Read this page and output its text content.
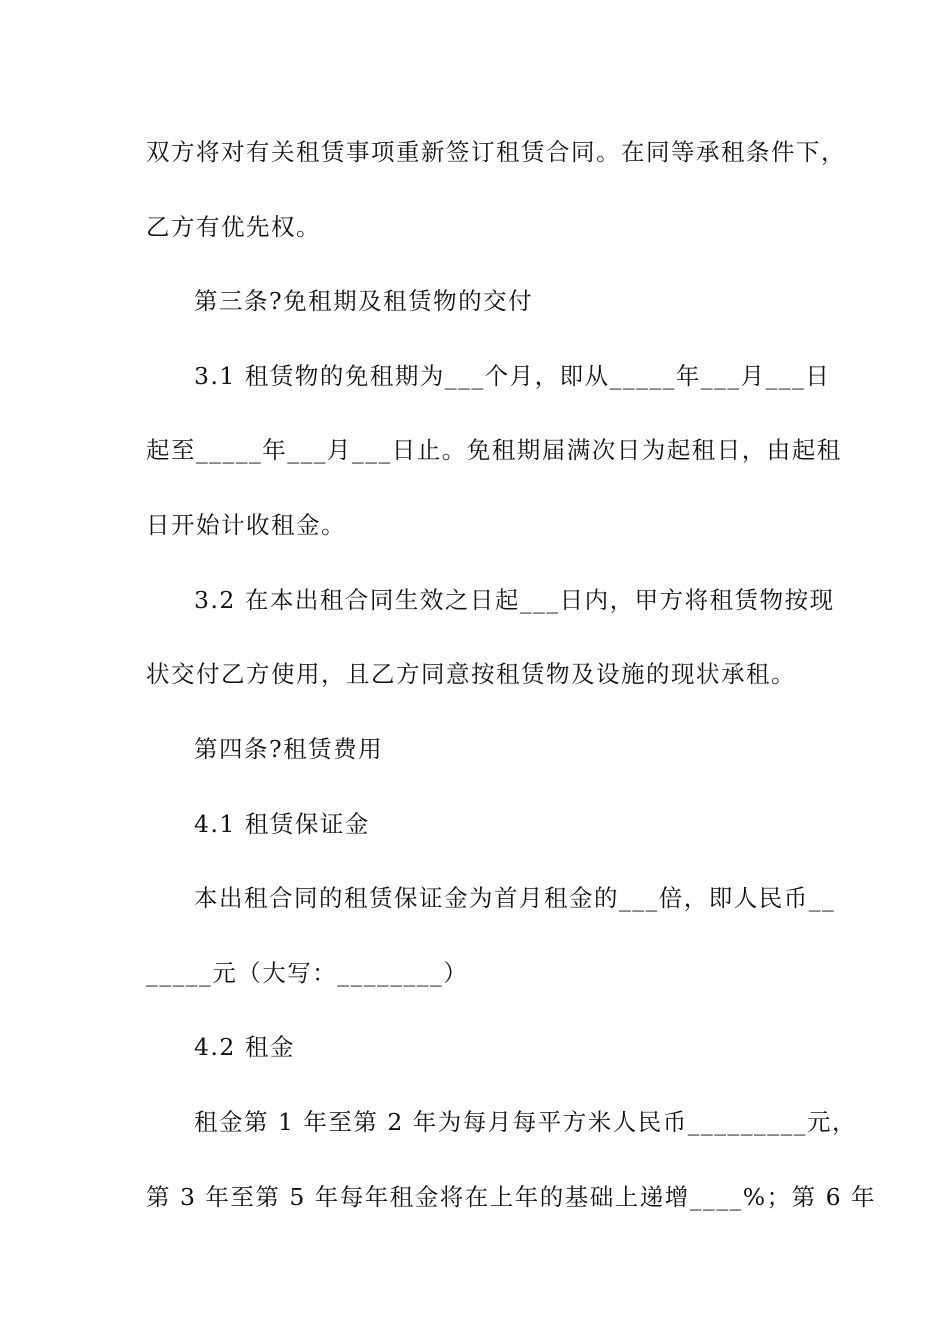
双方将对有关租赁事项重新签订租赁合同。在同等承租条件下，
乙方有优先权。
第三条?免租期及租赁物的交付
3.1 租赁物的免租期为___个月，即从_____年___月___日
起至_____年___月___日止。免租期届满次日为起租日，由起租
日开始计收租金。
3.2 在本出租合同生效之日起___日内，甲方将租赁物按现
状交付乙方使用，且乙方同意按租赁物及设施的现状承租。
第四条?租赁费用
4.1 租赁保证金
本出租合同的租赁保证金为首月租金的___倍，即人民币__
_____元（大写：________）
4.2 租金
租金第 1 年至第 2 年为每月每平方米人民币_________元，
第 3 年至第 5 年每年租金将在上年的基础上递增____%；第 6 年
